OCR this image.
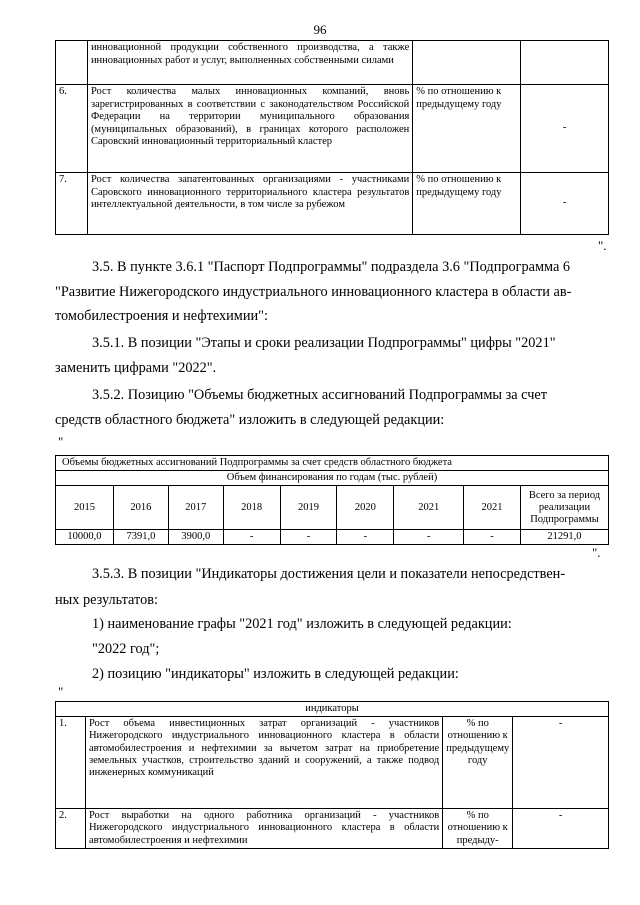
96
	инновационной продукции собственного производства, а также инновационных работ и услуг, выполненных собственными силами		
6.	Рост количества малых инновационных компаний, вновь зарегистрированных в соответствии с законодательством Российской Федерации на территории муниципального образования (муниципальных образований), в границах которого расположен Саровский инновационный территориальный кластер	% по отношению к предыдущему году	-
7.	Рост количества запатентованных организациями - участниками Саровского инновационного территориального кластера результатов интеллектуальной деятельности, в том числе за рубежом	% по отношению к предыдущему году	-
".
3.5. В пункте 3.6.1 "Паспорт Подпрограммы" подраздела 3.6 "Подпрограмма 6
"Развитие Нижегородского индустриального инновационного кластера в области ав-
томобилестроения и нефтехимии":
3.5.1. В позиции "Этапы и сроки реализации Подпрограммы" цифры "2021"
заменить цифрами "2022".
3.5.2. Позицию "Объемы бюджетных ассигнований Подпрограммы за счет
средств областного бюджета" изложить в следующей редакции:
"
Объемы бюджетных ассигнований Подпрограммы за счет средств областного бюджета								
Объем финансирования по годам (тыс. рублей)								
2015	2016	2017	2018	2019	2020	2021	2021	Всего за период реализации Подпрограммы
10000,0	7391,0	3900,0	-	-	-	-	-	21291,0
".
3.5.3. В позиции "Индикаторы достижения цели и показатели непосредствен-
ных результатов:
1) наименование графы "2021 год" изложить в следующей редакции:
"2022 год";
2) позицию "индикаторы" изложить в следующей редакции:
"
индикаторы			
1.	Рост объема инвестиционных затрат организаций - участников Нижегородского индустриального инновационного кластера в области автомобилестроения и нефтехимии за вычетом затрат на приобретение земельных участков, строительство зданий и сооружений, а также подвод инженерных коммуникаций	% по отношению к предыдущему году	-
2.	Рост выработки на одного работника организаций - участников Нижегородского индустриального инновационного кластера в области автомобилестроения и нефтехимии	% по отношению к предыду-	-
